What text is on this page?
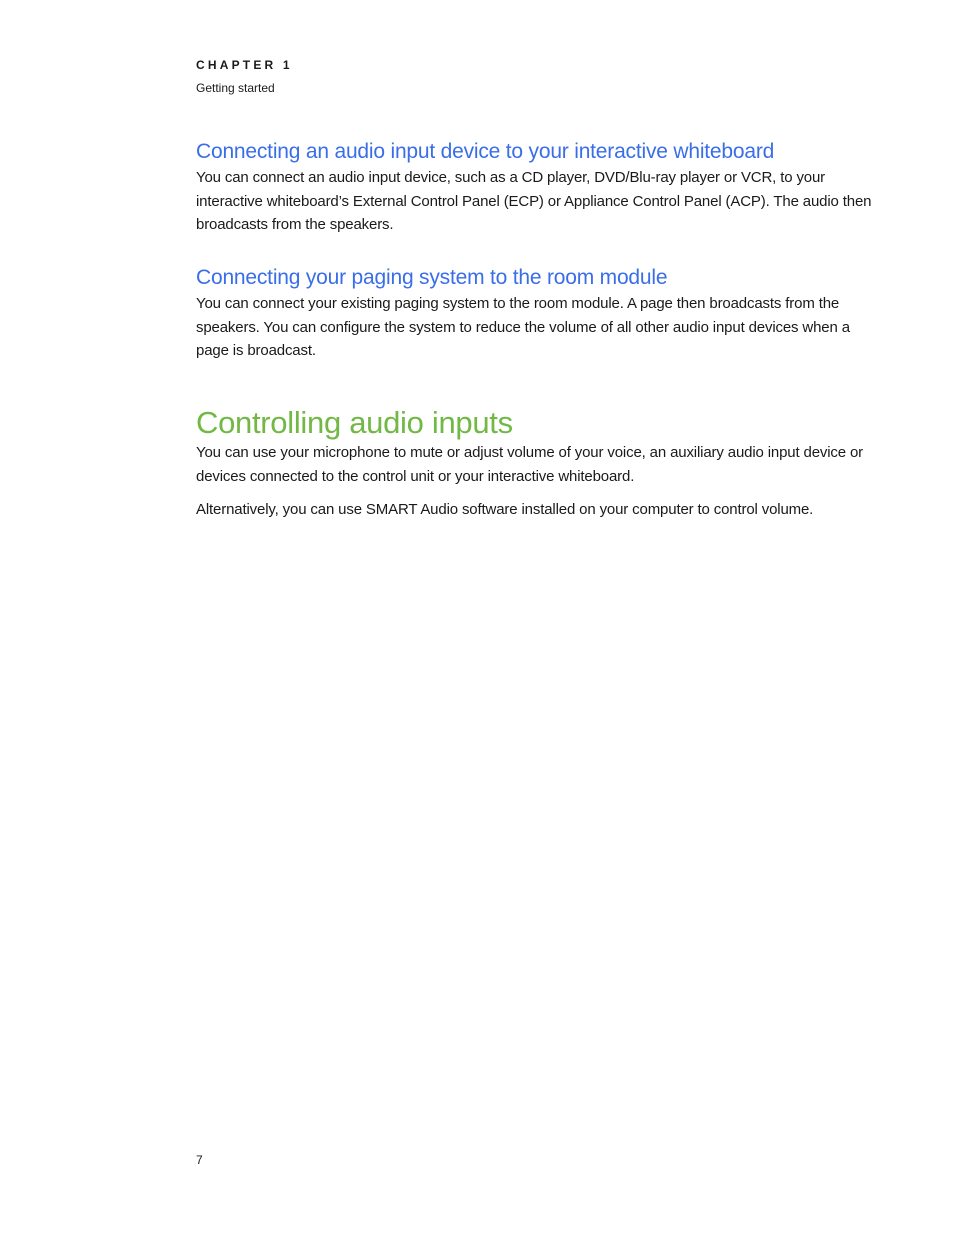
CHAPTER 1
Getting started
Connecting an audio input device to your interactive whiteboard

You can connect an audio input device, such as a CD player, DVD/Blu-ray player or VCR, to your interactive whiteboard’s External Control Panel (ECP) or Appliance Control Panel (ACP). The audio then broadcasts from the speakers.

Connecting your paging system to the room module

You can connect your existing paging system to the room module. A page then broadcasts from the speakers. You can configure the system to reduce the volume of all other audio input devices when a page is broadcast.

Controlling audio inputs

You can use your microphone to mute or adjust volume of your voice, an auxiliary audio input device or devices connected to the control unit or your interactive whiteboard.

Alternatively, you can use SMART Audio software installed on your computer to control volume.

7
